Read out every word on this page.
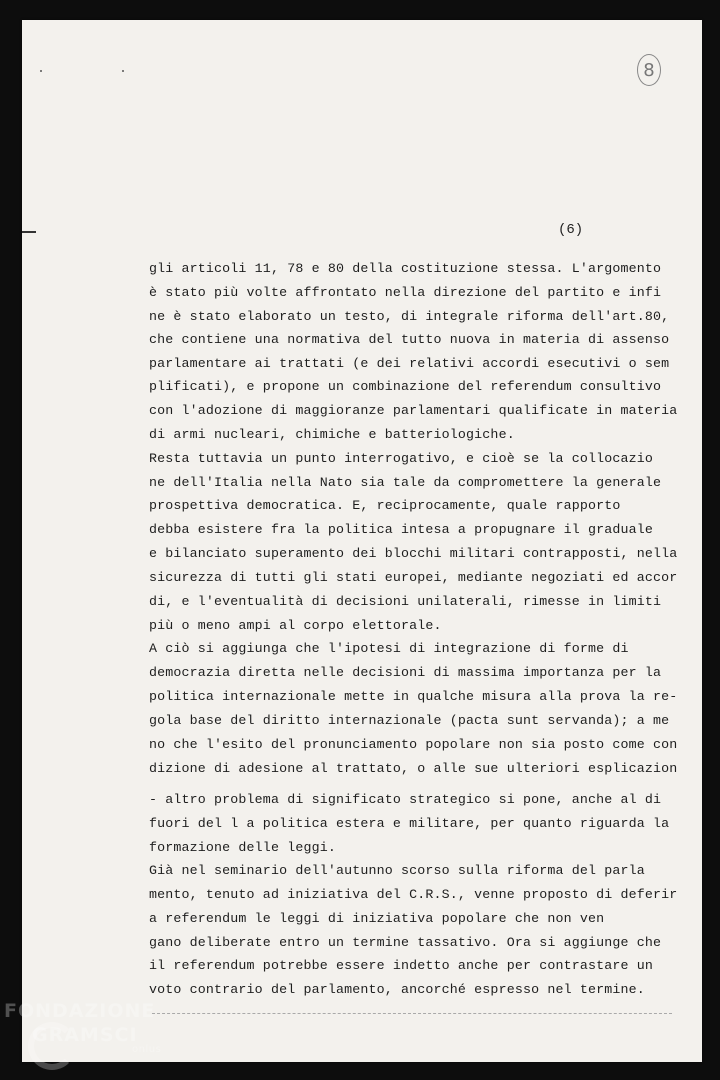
8
(6)
gli articoli 11, 78 e 80 della costituzione stessa. L'argomento
è stato più volte affrontato nella direzione del partito e infi
ne è stato elaborato un testo, di integrale riforma dell'art.80,
che contiene una normativa del tutto nuova in materia di assenso
parlamentare ai trattati (e dei relativi accordi esecutivi o sem
plificati), e propone un combinazione del referendum consultivo
con l'adozione di maggioranze parlamentari qualificate in materia
di armi nucleari, chimiche e batteriologiche.
Resta tuttavia un punto interrogativo, e cioè se la collocazio
ne dell'Italia nella Nato sia tale da compromettere la generale
prospettiva democratica. E, reciprocamente, quale rapporto
debba esistere fra la politica intesa a propugnare il graduale
e bilanciato superamento dei blocchi militari contrapposti, nella
sicurezza di tutti gli stati europei, mediante negoziati ed accor
di, e l'eventualità di decisioni unilaterali, rimesse in limiti
più o meno ampi al corpo elettorale.
A ciò si aggiunga che l'ipotesi di integrazione di forme di
democrazia diretta nelle decisioni di massima importanza per la
politica internazionale mette in qualche misura alla prova la re-
gola base del diritto internazionale (pacta sunt servanda); a me
no che l'esito del pronunciamento popolare non sia posto come con
dizione di adesione al trattato, o alle sue ulteriori esplicazion
- altro problema di significato strategico si pone, anche al di
fuori del l a politica estera e militare, per quanto riguarda la
formazione delle leggi.
Già nel seminario dell'autunno scorso sulla riforma del parla
mento, tenuto ad iniziativa del C.R.S., venne proposto di deferir
a referendum le leggi di iniziativa popolare che non ven
gano deliberate entro un termine tassativo. Ora si aggiunge che
il referendum potrebbe essere indetto anche per contrastare un
voto contrario del parlamento, ancorché espresso nel termine.
FONDAZIONE
GRAMSCI
onlus
